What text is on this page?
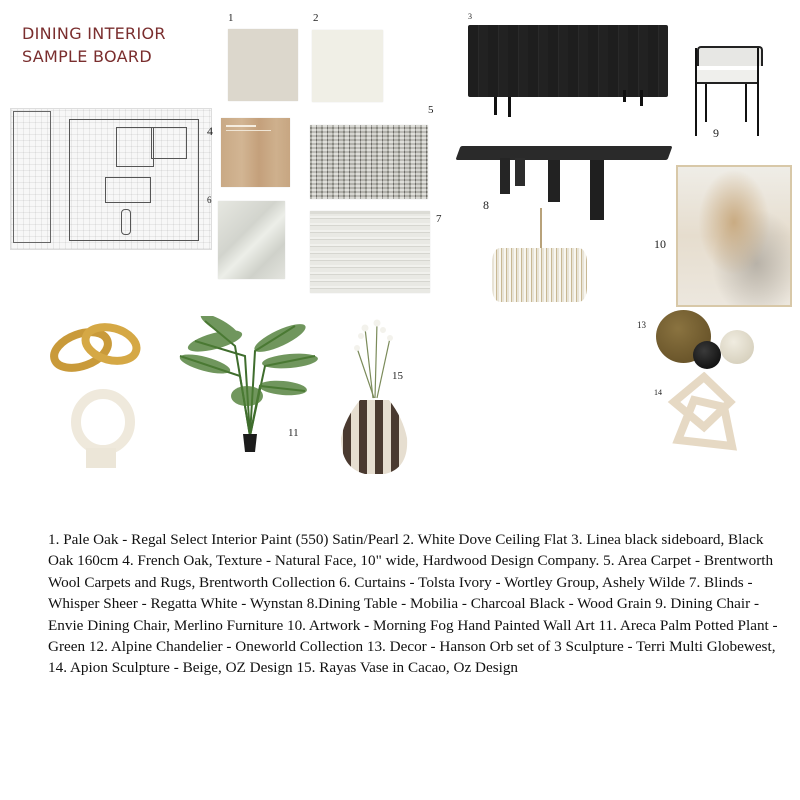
DINING INTERIOR
SAMPLE BOARD
1	2
4
5
6
7
3
9
8
10
11
15
13
14
1. Pale Oak - Regal Select Interior Paint (550) Satin/Pearl 2. White Dove Ceiling Flat 3. Linea black sideboard, Black Oak 160cm 4. French Oak, Texture - Natural Face, 10" wide, Hardwood Design Company. 5. Area Carpet - Brentworth Wool Carpets and Rugs, Brentworth Collection 6. Curtains - Tolsta Ivory - Wortley Group, Ashely Wilde 7. Blinds - Whisper Sheer - Regatta White - Wynstan 8.Dining Table - Mobilia - Charcoal Black - Wood Grain 9. Dining Chair - Envie Dining Chair, Merlino Furniture 10. Artwork - Morning Fog Hand Painted Wall Art 11. Areca Palm Potted Plant - Green 12. Alpine Chandelier - Oneworld Collection 13. Decor - Hanson Orb set of 3 Sculpture - Terri Multi Globewest, 14. Apion Sculpture - Beige, OZ Design 15. Rayas Vase in Cacao, Oz Design
